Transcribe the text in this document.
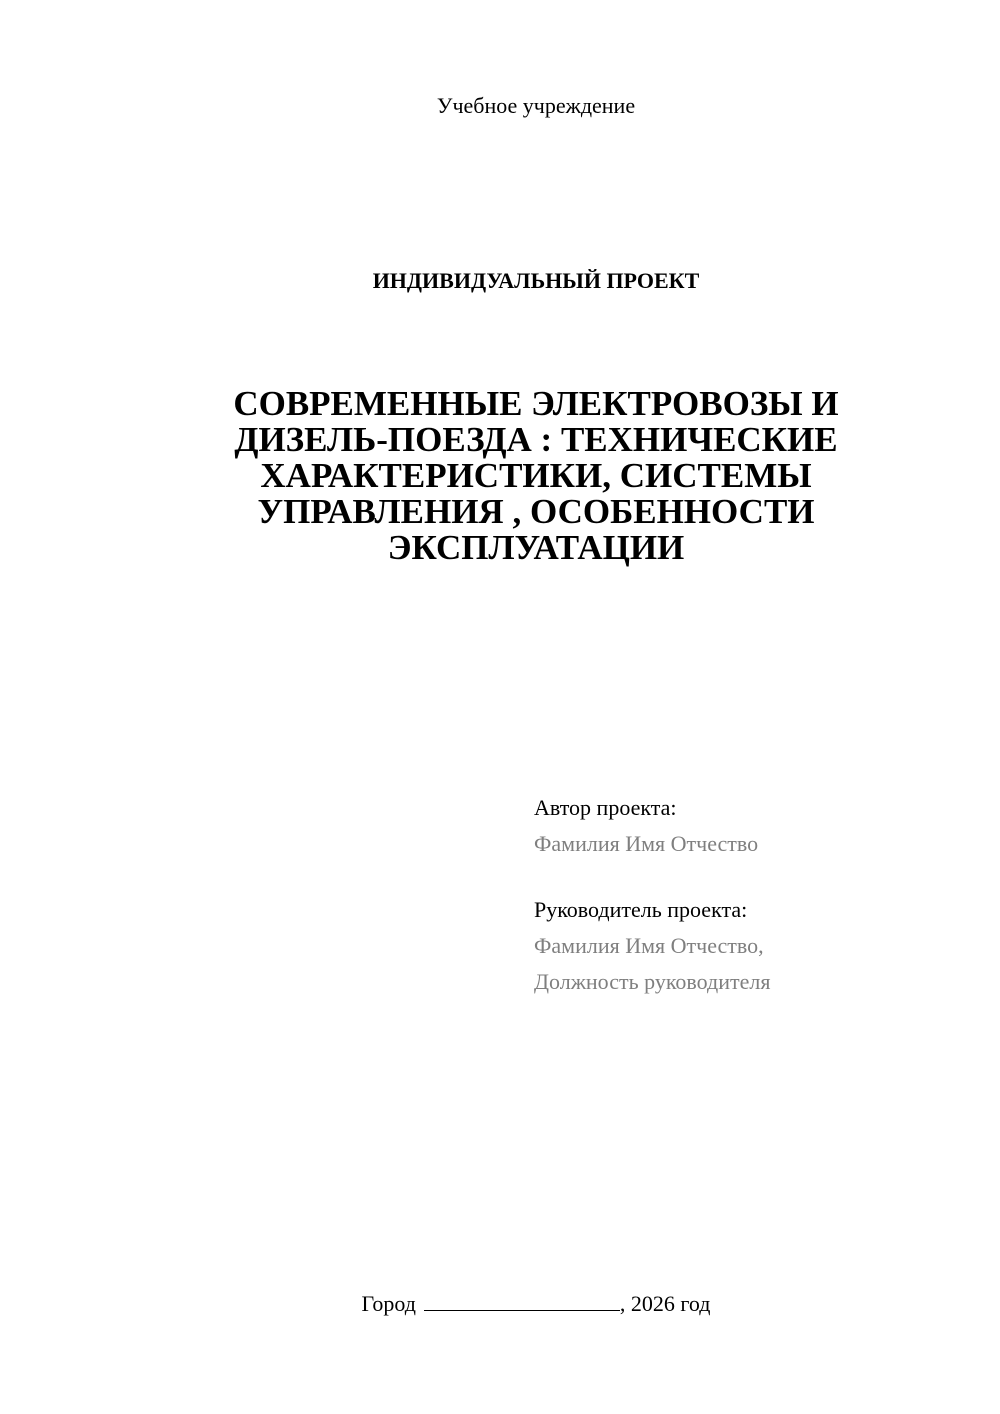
Учебное учреждение
ИНДИВИДУАЛЬНЫЙ ПРОЕКТ
СОВРЕМЕННЫЕ ЭЛЕКТРОВОЗЫ И
ДИЗЕЛЬ-ПОЕЗДА : ТЕХНИЧЕСКИЕ
ХАРАКТЕРИСТИКИ, СИСТЕМЫ
УПРАВЛЕНИЯ , ОСОБЕННОСТИ
ЭКСПЛУАТАЦИИ
Автор проекта:
Фамилия Имя Отчество
Руководитель проекта:
Фамилия Имя Отчество,
Должность руководителя
Город	, 2026 год
